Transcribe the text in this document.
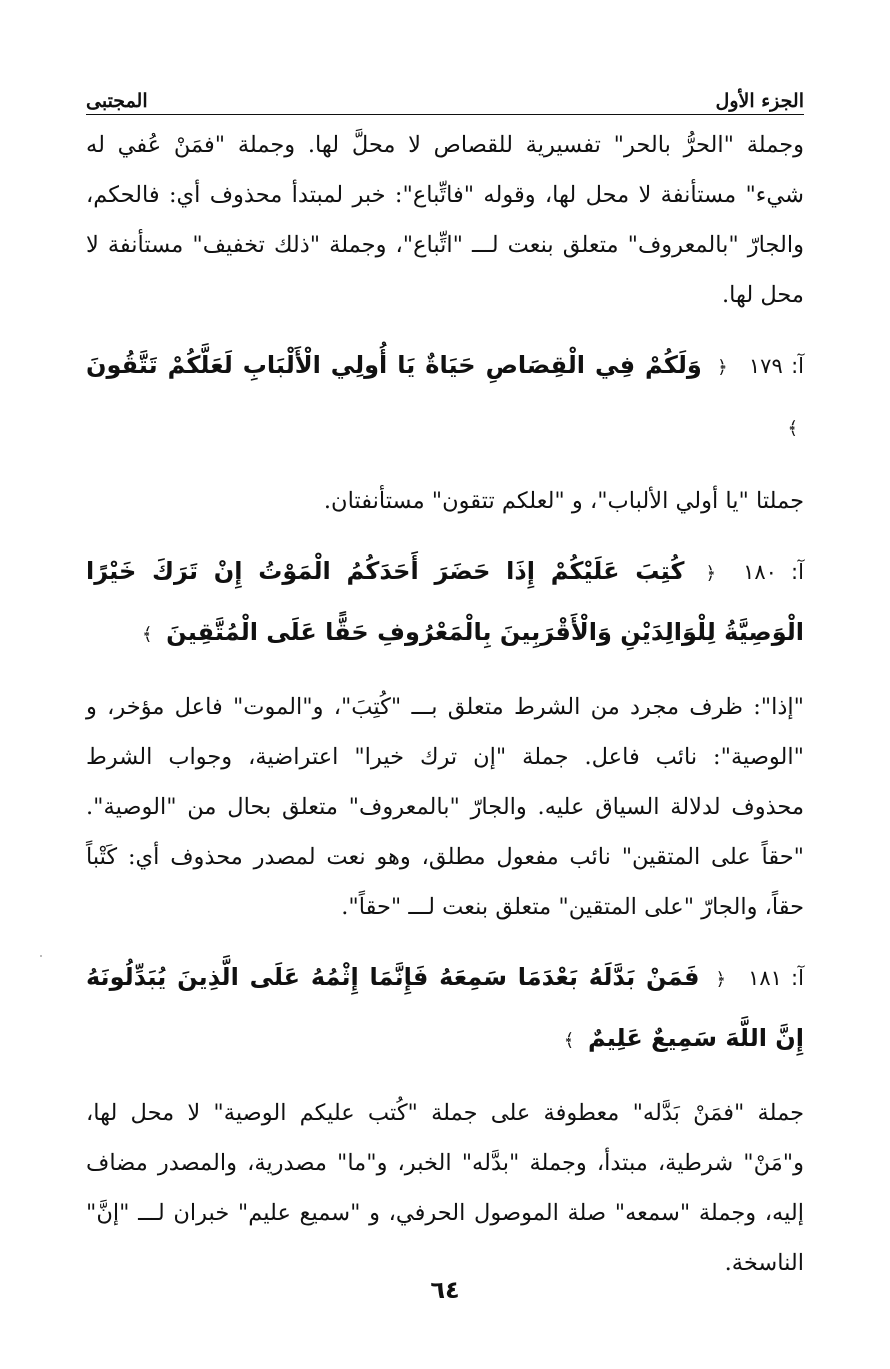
الجزء الأول
المجتبى

وجملة "الحرُّ بالحر" تفسيرية للقصاص لا محلَّ لها. وجملة "فمَنْ عُفي له شيء" مستأنفة لا محل لها، وقوله "فاتِّباع": خبر لمبتدأ محذوف أي: فالحكم، والجارّ "بالمعروف" متعلق بنعت لـــ "اتِّباع"، وجملة "ذلك تخفيف" مستأنفة لا محل لها.

آ: ١٧٩ ﴿ وَلَكُمْ فِي الْقِصَاصِ حَيَاةٌ يَا أُولِي الْأَلْبَابِ لَعَلَّكُمْ تَتَّقُونَ ﴾

جملتا "يا أولي الألباب"، و "لعلكم تتقون" مستأنفتان.

آ: ١٨٠ ﴿ كُتِبَ عَلَيْكُمْ إِذَا حَضَرَ أَحَدَكُمُ الْمَوْتُ إِنْ تَرَكَ خَيْرًا الْوَصِيَّةُ لِلْوَالِدَيْنِ وَالْأَقْرَبِينَ بِالْمَعْرُوفِ حَقًّا عَلَى الْمُتَّقِينَ ﴾

"إذا": ظرف مجرد من الشرط متعلق بـــ "كُتِبَ"، و"الموت" فاعل مؤخر، و "الوصية": نائب فاعل. جملة "إن ترك خيرا" اعتراضية، وجواب الشرط محذوف لدلالة السياق عليه. والجارّ "بالمعروف" متعلق بحال من "الوصية". "حقاً على المتقين" نائب مفعول مطلق، وهو نعت لمصدر محذوف أي: كَتْباً حقاً، والجارّ "على المتقين" متعلق بنعت لـــ "حقاً".

آ: ١٨١ ﴿ فَمَنْ بَدَّلَهُ بَعْدَمَا سَمِعَهُ فَإِنَّمَا إِثْمُهُ عَلَى الَّذِينَ يُبَدِّلُونَهُ إِنَّ اللَّهَ سَمِيعٌ عَلِيمٌ ﴾

جملة "فمَنْ بَدَّله" معطوفة على جملة "كُتب عليكم الوصية" لا محل لها، و"مَنْ" شرطية، مبتدأ، وجملة "بدَّله" الخبر، و"ما" مصدرية، والمصدر مضاف إليه، وجملة "سمعه" صلة الموصول الحرفي، و "سميع عليم" خبران لـــ "إنَّ" الناسخة.

٦٤
